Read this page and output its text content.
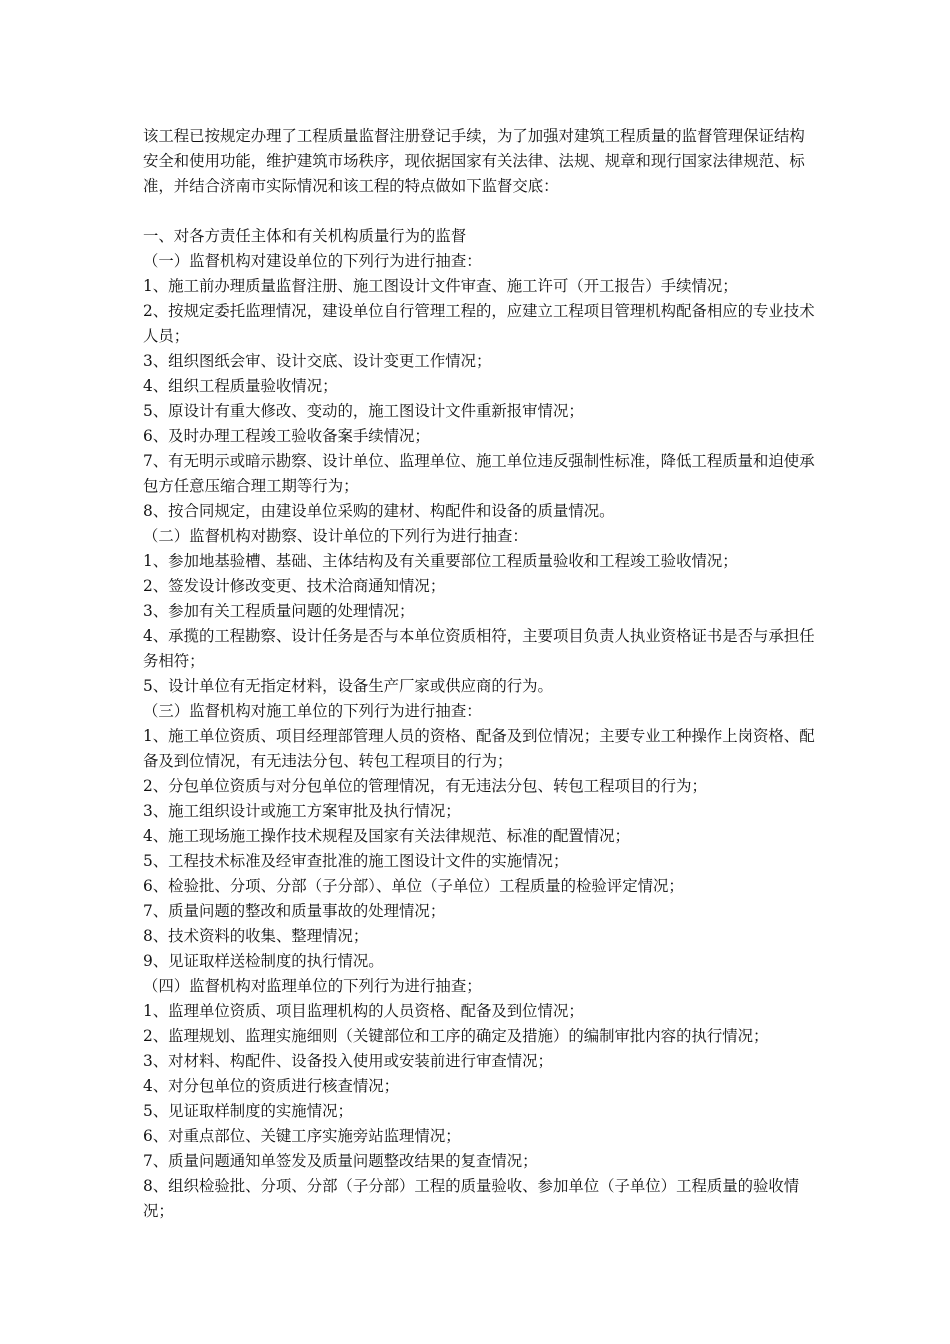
该工程已按规定办理了工程质量监督注册登记手续，为了加强对建筑工程质量的监督管理保证结构安全和使用功能，维护建筑市场秩序，现依据国家有关法律、法规、规章和现行国家法律规范、标准，并结合济南市实际情况和该工程的特点做如下监督交底：

一、对各方责任主体和有关机构质量行为的监督

（一）监督机构对建设单位的下列行为进行抽查：

1、施工前办理质量监督注册、施工图设计文件审查、施工许可（开工报告）手续情况；

2、按规定委托监理情况，建设单位自行管理工程的，应建立工程项目管理机构配备相应的专业技术人员；

3、组织图纸会审、设计交底、设计变更工作情况；

4、组织工程质量验收情况；

5、原设计有重大修改、变动的，施工图设计文件重新报审情况；

6、及时办理工程竣工验收备案手续情况；

7、有无明示或暗示勘察、设计单位、监理单位、施工单位违反强制性标准，降低工程质量和迫使承包方任意压缩合理工期等行为；

8、按合同规定，由建设单位采购的建材、构配件和设备的质量情况。

（二）监督机构对勘察、设计单位的下列行为进行抽查：

1、参加地基验槽、基础、主体结构及有关重要部位工程质量验收和工程竣工验收情况；

2、签发设计修改变更、技术洽商通知情况；

3、参加有关工程质量问题的处理情况；

4、承揽的工程勘察、设计任务是否与本单位资质相符，主要项目负责人执业资格证书是否与承担任务相符；

5、设计单位有无指定材料，设备生产厂家或供应商的行为。

（三）监督机构对施工单位的下列行为进行抽查：

1、施工单位资质、项目经理部管理人员的资格、配备及到位情况；主要专业工种操作上岗资格、配备及到位情况，有无违法分包、转包工程项目的行为；

2、分包单位资质与对分包单位的管理情况，有无违法分包、转包工程项目的行为；

3、施工组织设计或施工方案审批及执行情况；

4、施工现场施工操作技术规程及国家有关法律规范、标准的配置情况；

5、工程技术标准及经审查批准的施工图设计文件的实施情况；

6、检验批、分项、分部（子分部）、单位（子单位）工程质量的检验评定情况；

7、质量问题的整改和质量事故的处理情况；

8、技术资料的收集、整理情况；

9、见证取样送检制度的执行情况。

（四）监督机构对监理单位的下列行为进行抽查；

1、监理单位资质、项目监理机构的人员资格、配备及到位情况；

2、监理规划、监理实施细则（关键部位和工序的确定及措施）的编制审批内容的执行情况；

3、对材料、构配件、设备投入使用或安装前进行审查情况；

4、对分包单位的资质进行核查情况；

5、见证取样制度的实施情况；

6、对重点部位、关键工序实施旁站监理情况；

7、质量问题通知单签发及质量问题整改结果的复查情况；

8、组织检验批、分项、分部（子分部）工程的质量验收、参加单位（子单位）工程质量的验收情况；
